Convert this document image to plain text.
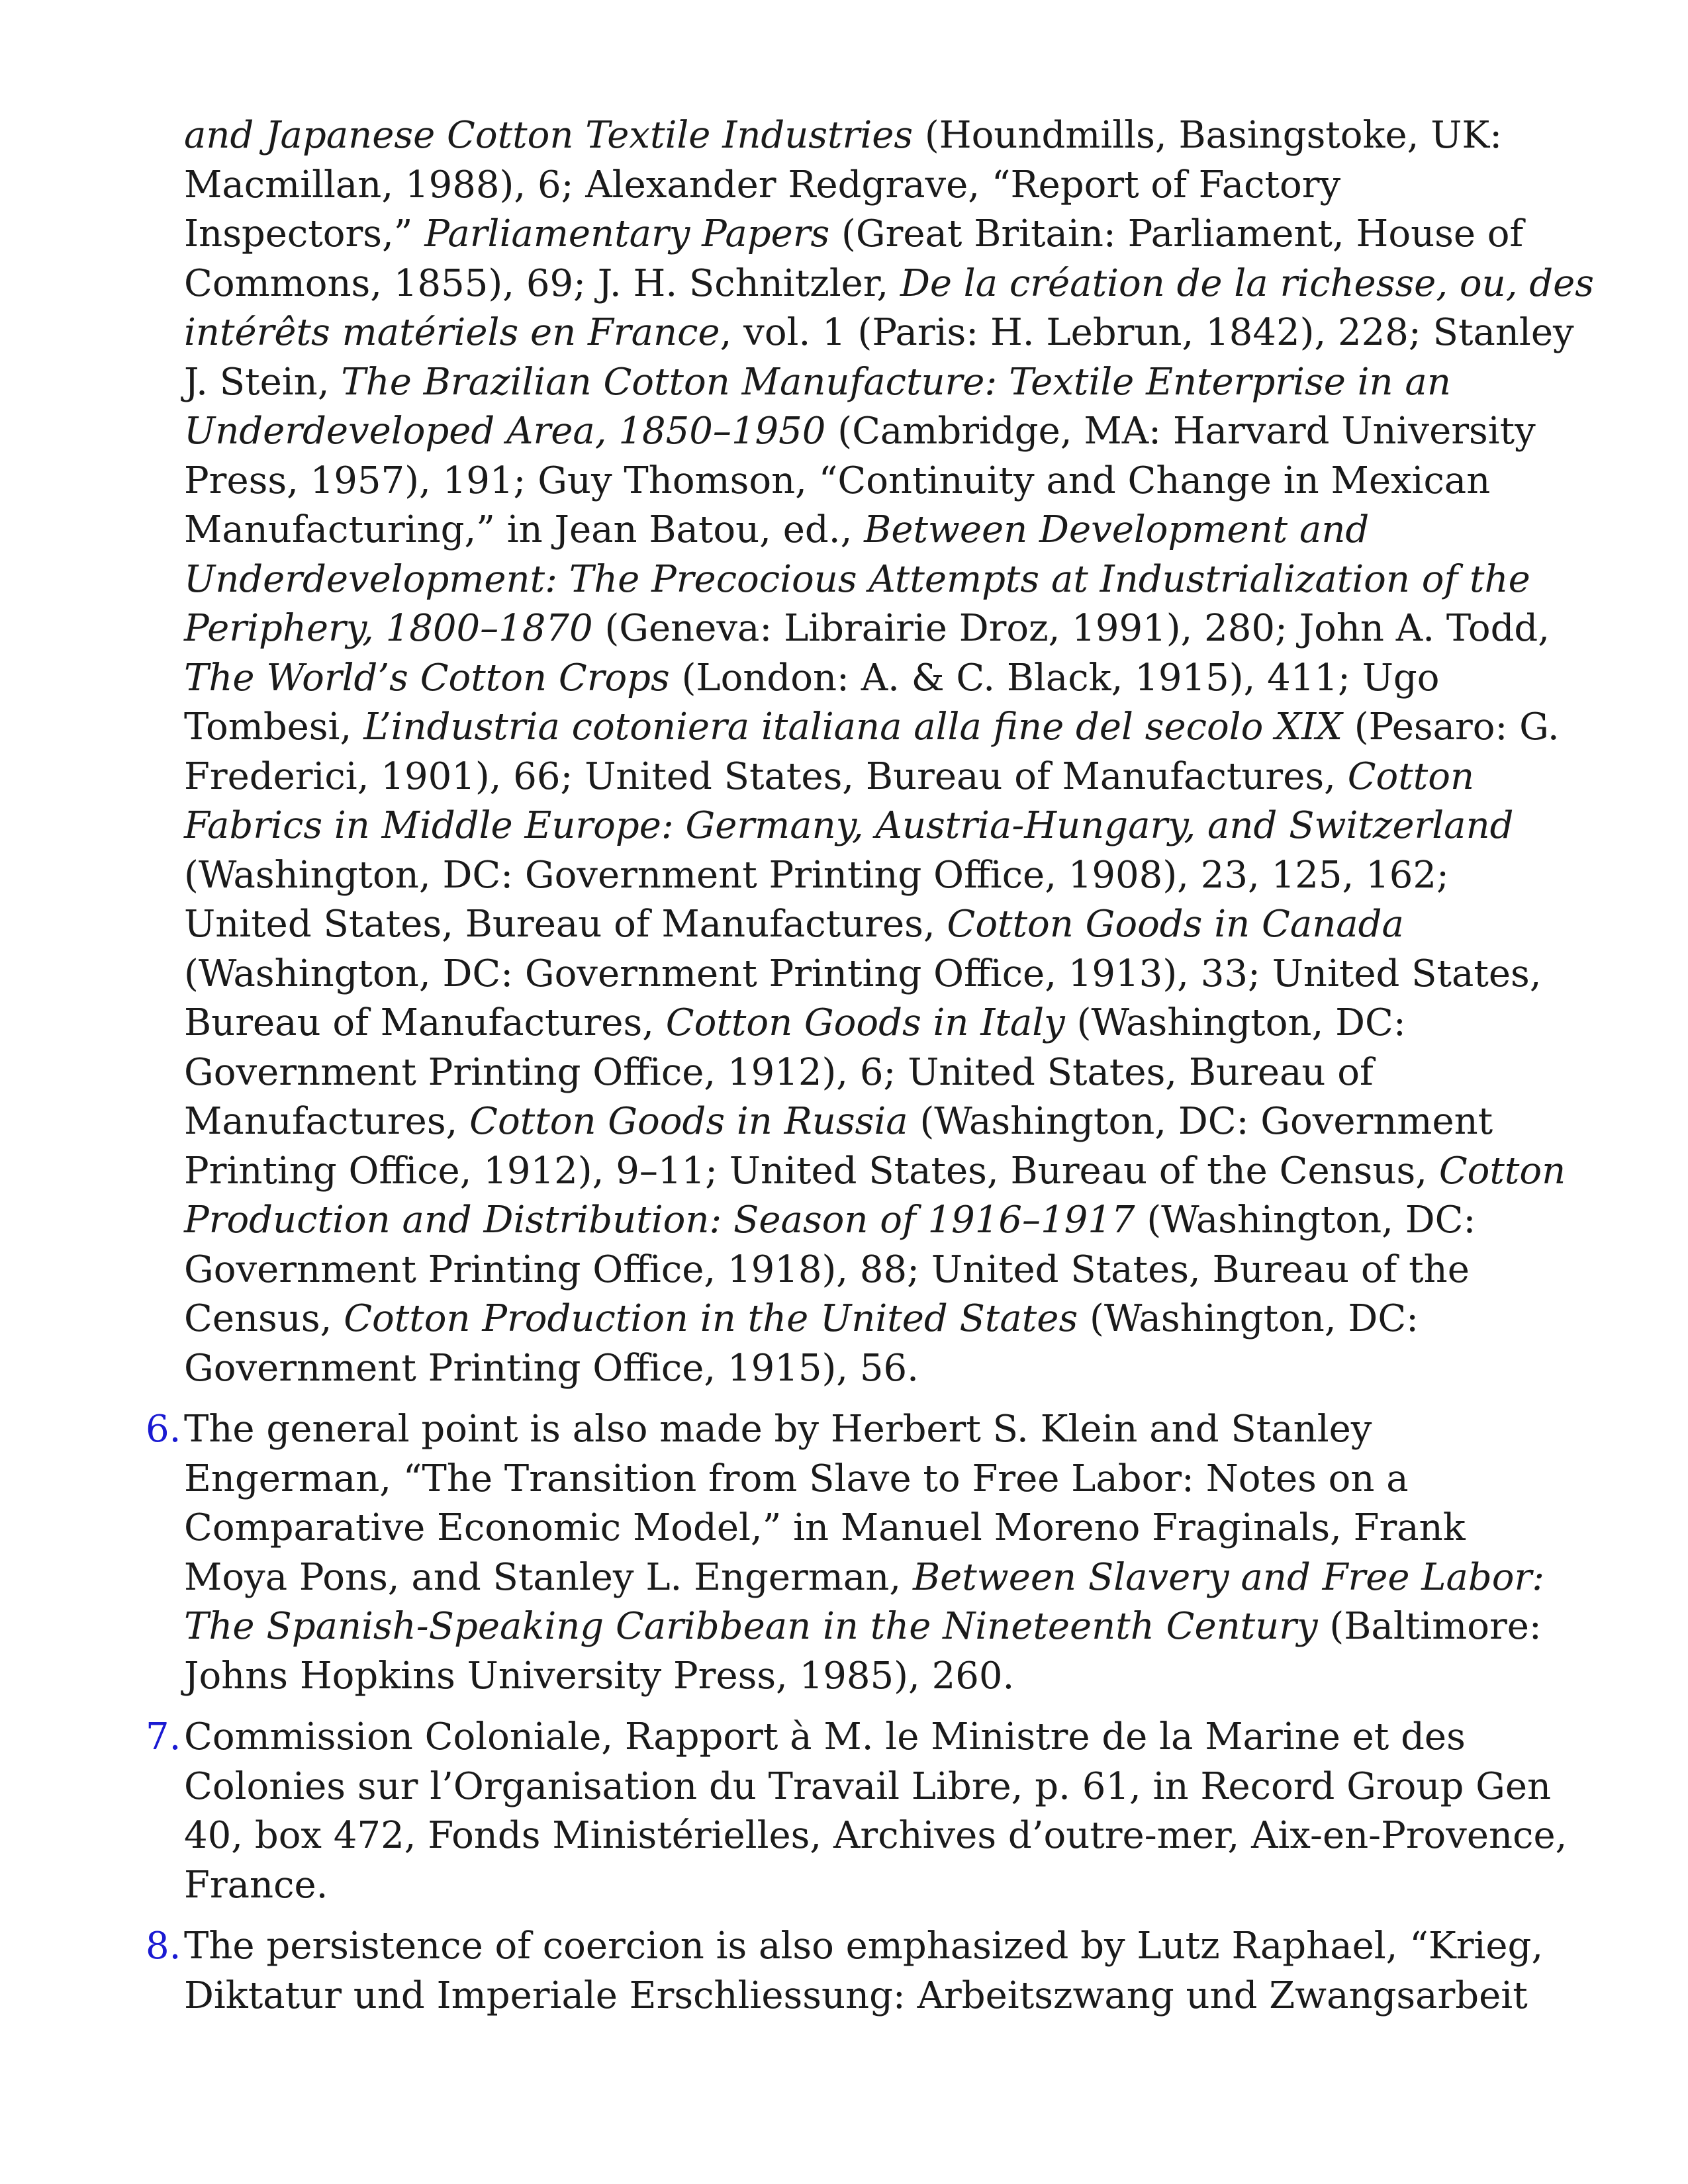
and Japanese Cotton Textile Industries (Houndmills, Basingstoke, UK:
Macmillan, 1988), 6; Alexander Redgrave, “Report of Factory
Inspectors,” Parliamentary Papers (Great Britain: Parliament, House of
Commons, 1855), 69; J. H. Schnitzler, De la création de la richesse, ou, des
intérêts matériels en France, vol. 1 (Paris: H. Lebrun, 1842), 228; Stanley
J. Stein, The Brazilian Cotton Manufacture: Textile Enterprise in an
Underdeveloped Area, 1850–1950 (Cambridge, MA: Harvard University
Press, 1957), 191; Guy Thomson, “Continuity and Change in Mexican
Manufacturing,” in Jean Batou, ed., Between Development and
Underdevelopment: The Precocious Attempts at Industrialization of the
Periphery, 1800–1870 (Geneva: Librairie Droz, 1991), 280; John A. Todd,
The World’s Cotton Crops (London: A. & C. Black, 1915), 411; Ugo
Tombesi, L’industria cotoniera italiana alla fine del secolo XIX (Pesaro: G.
Frederici, 1901), 66; United States, Bureau of Manufactures, Cotton
Fabrics in Middle Europe: Germany, Austria-Hungary, and Switzerland
(Washington, DC: Government Printing Office, 1908), 23, 125, 162;
United States, Bureau of Manufactures, Cotton Goods in Canada
(Washington, DC: Government Printing Office, 1913), 33; United States,
Bureau of Manufactures, Cotton Goods in Italy (Washington, DC:
Government Printing Office, 1912), 6; United States, Bureau of
Manufactures, Cotton Goods in Russia (Washington, DC: Government
Printing Office, 1912), 9–11; United States, Bureau of the Census, Cotton
Production and Distribution: Season of 1916–1917 (Washington, DC:
Government Printing Office, 1918), 88; United States, Bureau of the
Census, Cotton Production in the United States (Washington, DC:
Government Printing Office, 1915), 56.
6. The general point is also made by Herbert S. Klein and Stanley
Engerman, “The Transition from Slave to Free Labor: Notes on a
Comparative Economic Model,” in Manuel Moreno Fraginals, Frank
Moya Pons, and Stanley L. Engerman, Between Slavery and Free Labor:
The Spanish-Speaking Caribbean in the Nineteenth Century (Baltimore:
Johns Hopkins University Press, 1985), 260.
7. Commission Coloniale, Rapport à M. le Ministre de la Marine et des
Colonies sur l’Organisation du Travail Libre, p. 61, in Record Group Gen
40, box 472, Fonds Ministérielles, Archives d’outre-mer, Aix-en-Provence,
France.
8. The persistence of coercion is also emphasized by Lutz Raphael, “Krieg,
Diktatur und Imperiale Erschliessung: Arbeitszwang und Zwangsarbeit
